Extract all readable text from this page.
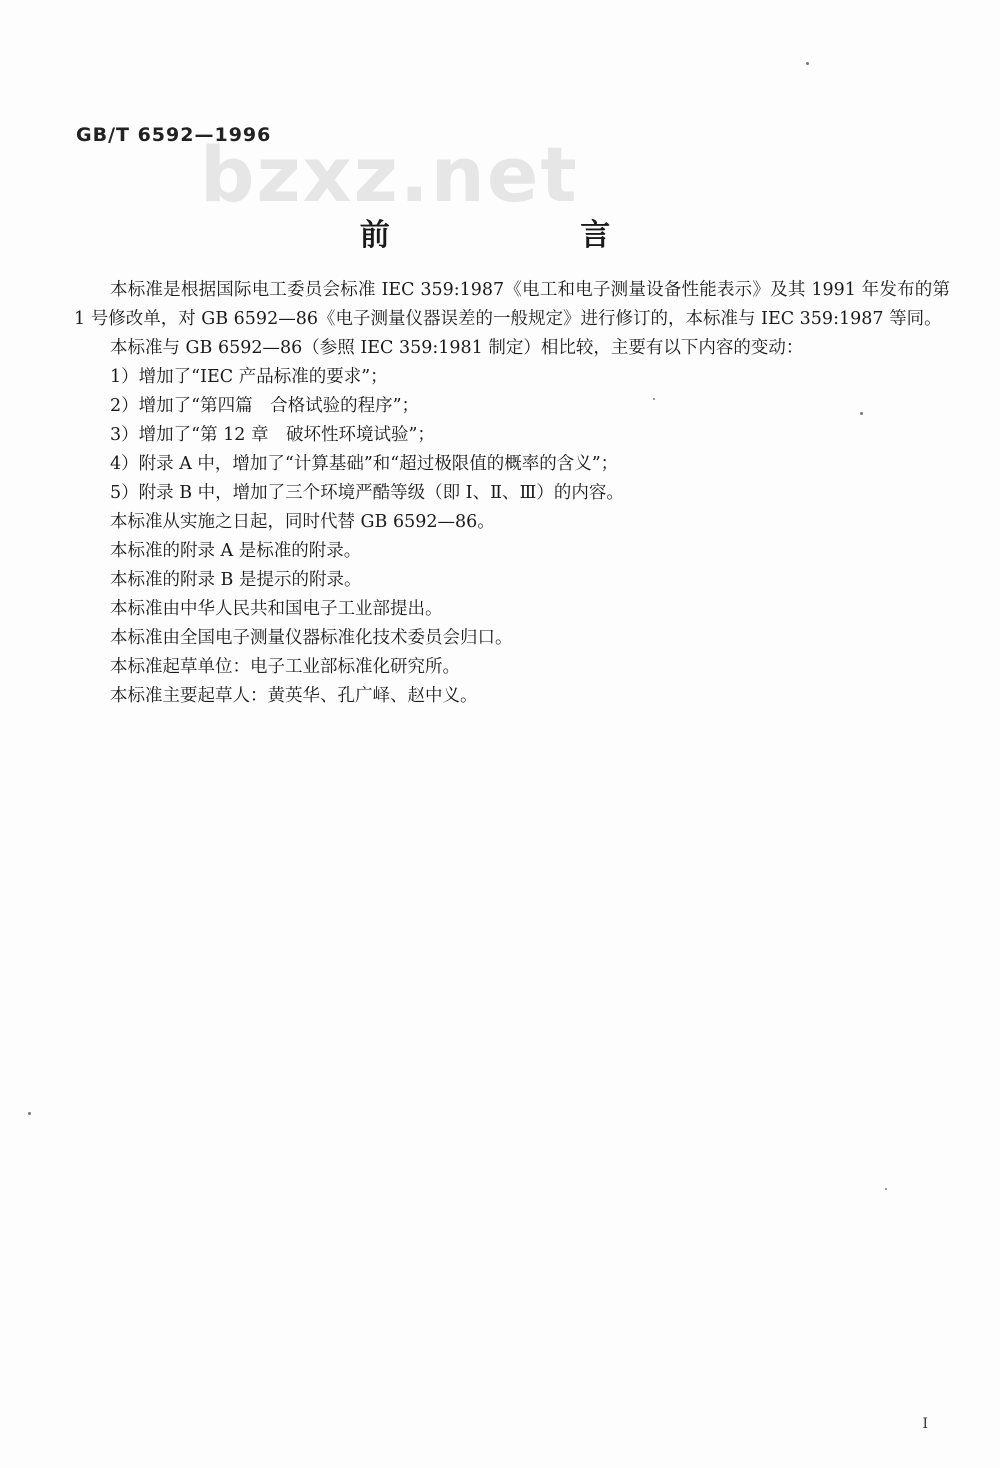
bzxz.net
GB/T 6592—1996
前 言

本标准是根据国际电工委员会标准 IEC 359:1987《电工和电子测量设备性能表示》及其 1991 年发布的第 1 号修改单，对 GB 6592—86《电子测量仪器误差的一般规定》进行修订的，本标准与 IEC 359:1987 等同。

本标准与 GB 6592—86（参照 IEC 359:1981 制定）相比较，主要有以下内容的变动：

1）增加了“IEC 产品标准的要求”；

2）增加了“第四篇　合格试验的程序”；

3）增加了“第 12 章　破坏性环境试验”；

4）附录 A 中，增加了“计算基础”和“超过极限值的概率的含义”；

5）附录 B 中，增加了三个环境严酷等级（即 Ⅰ、Ⅱ、Ⅲ）的内容。

本标准从实施之日起，同时代替 GB 6592—86。

本标准的附录 A 是标准的附录。

本标准的附录 B 是提示的附录。

本标准由中华人民共和国电子工业部提出。

本标准由全国电子测量仪器标准化技术委员会归口。

本标准起草单位：电子工业部标准化研究所。

本标准主要起草人：黄英华、孔广峄、赵中义。

I
